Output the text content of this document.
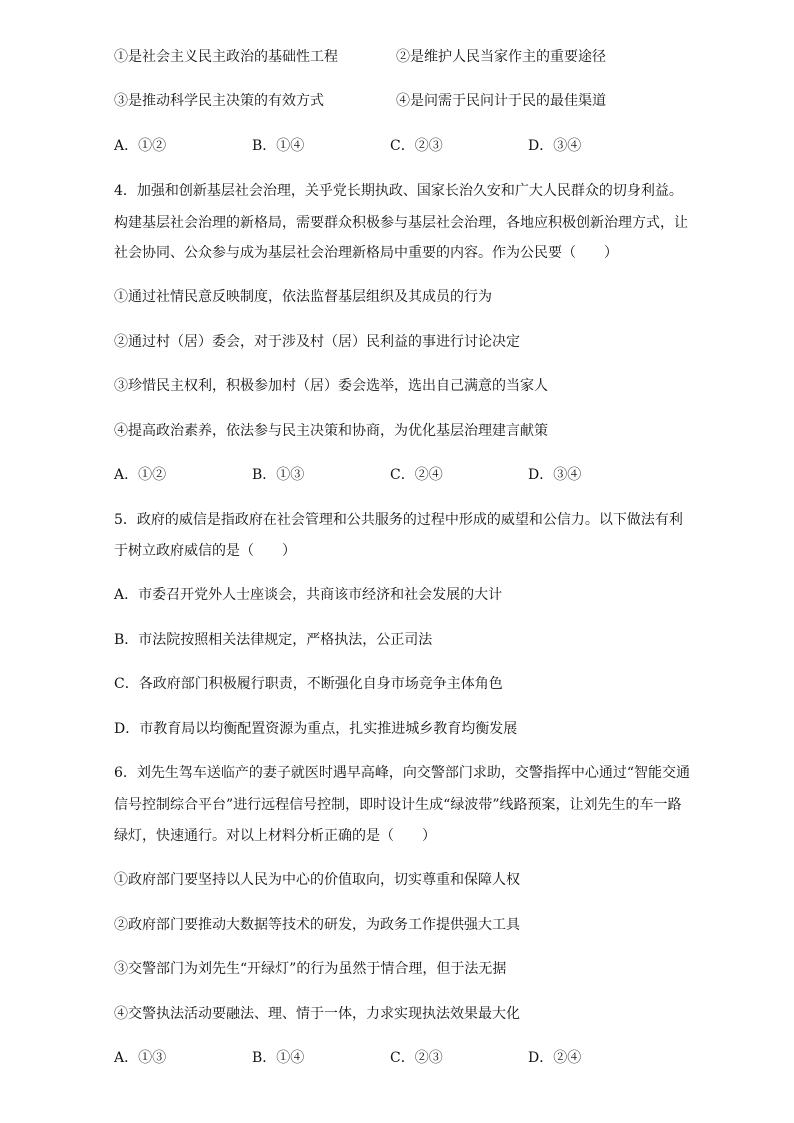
①是社会主义民主政治的基础性工程	②是维护人民当家作主的重要途径
③是推动科学民主决策的有效方式	④是问需于民问计于民的最佳渠道
A．①②	B．①④	C．②③	D．③④
4．加强和创新基层社会治理，关乎党长期执政、国家长治久安和广大人民群众的切身利益。
构建基层社会治理的新格局，需要群众积极参与基层社会治理，各地应积极创新治理方式，让
社会协同、公众参与成为基层社会治理新格局中重要的内容。作为公民要（　　）
①通过社情民意反映制度，依法监督基层组织及其成员的行为
②通过村（居）委会，对于涉及村（居）民利益的事进行讨论决定
③珍惜民主权利，积极参加村（居）委会选举，选出自己满意的当家人
④提高政治素养，依法参与民主决策和协商，为优化基层治理建言献策
A．①②	B．①③	C．②④	D．③④
5．政府的威信是指政府在社会管理和公共服务的过程中形成的威望和公信力。以下做法有利
于树立政府威信的是（　　）
A．市委召开党外人士座谈会，共商该市经济和社会发展的大计
B．市法院按照相关法律规定，严格执法，公正司法
C．各政府部门积极履行职责，不断强化自身市场竞争主体角色
D．市教育局以均衡配置资源为重点，扎实推进城乡教育均衡发展
6．刘先生驾车送临产的妻子就医时遇早高峰，向交警部门求助，交警指挥中心通过“智能交通
信号控制综合平台”进行远程信号控制，即时设计生成“绿波带”线路预案，让刘先生的车一路
绿灯，快速通行。对以上材料分析正确的是（　　）
①政府部门要坚持以人民为中心的价值取向，切实尊重和保障人权
②政府部门要推动大数据等技术的研发，为政务工作提供强大工具
③交警部门为刘先生“开绿灯”的行为虽然于情合理，但于法无据
④交警执法活动要融法、理、情于一体，力求实现执法效果最大化
A．①③	B．①④	C．②③	D．②④
